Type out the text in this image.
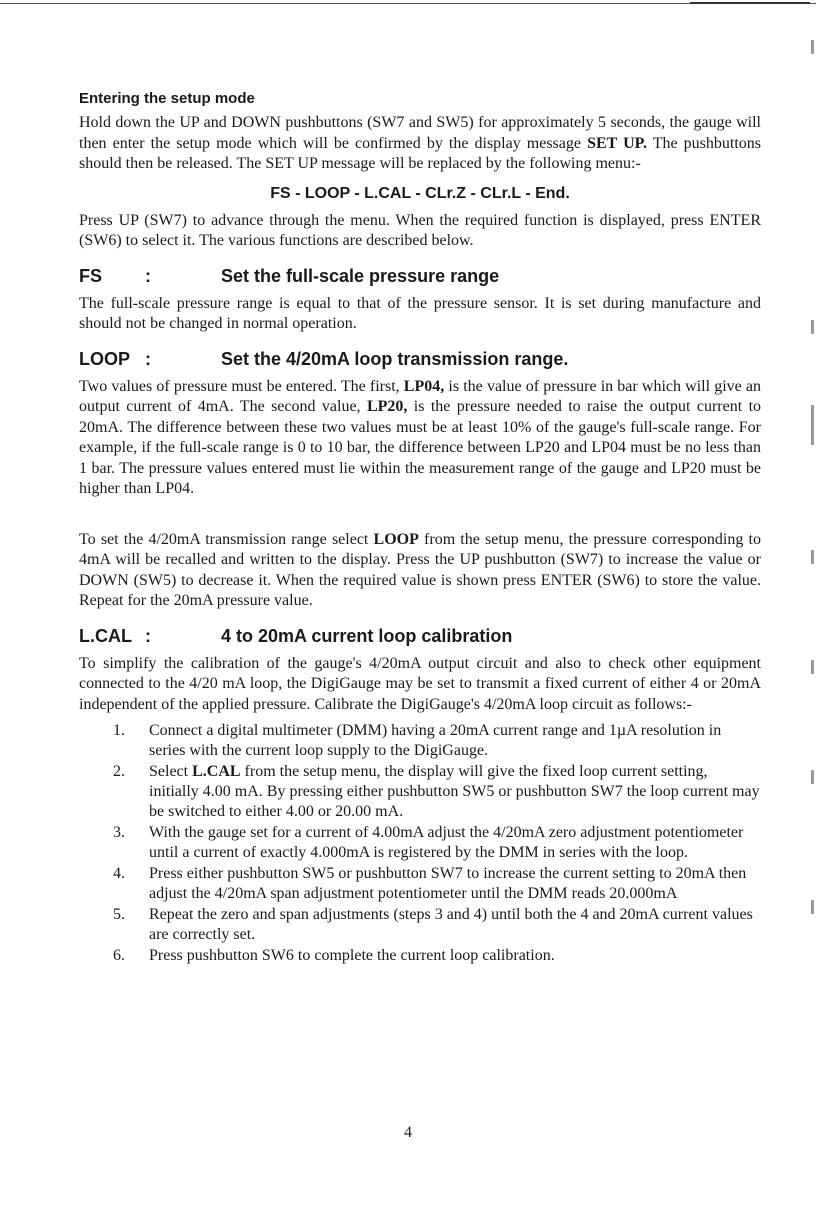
Entering the setup mode

Hold down the UP and DOWN pushbuttons (SW7 and SW5) for approximately 5 seconds, the gauge will then enter the setup mode which will be confirmed by the display message SET UP. The pushbuttons should then be released. The SET UP message will be replaced by the following menu:-

FS - LOOP - L.CAL - CLr.Z - CLr.L - End.

Press UP (SW7) to advance through the menu. When the required function is displayed, press ENTER (SW6) to select it. The various functions are described below.

FS	:	Set the full-scale pressure range

The full-scale pressure range is equal to that of the pressure sensor. It is set during manufacture and should not be changed in normal operation.

LOOP :	Set the 4/20mA loop transmission range.

Two values of pressure must be entered. The first, LP04, is the value of pressure in bar which will give an output current of 4mA. The second value, LP20, is the pressure needed to raise the output current to 20mA. The difference between these two values must be at least 10% of the gauge's full-scale range. For example, if the full-scale range is 0 to 10 bar, the difference between LP20 and LP04 must be no less than 1 bar. The pressure values entered must lie within the measurement range of the gauge and LP20 must be higher than LP04.

To set the 4/20mA transmission range select LOOP from the setup menu, the pressure corresponding to 4mA will be recalled and written to the display. Press the UP pushbutton (SW7) to increase the value or DOWN (SW5) to decrease it. When the required value is shown press ENTER (SW6) to store the value. Repeat for the 20mA pressure value.

L.CAL :	4 to 20mA current loop calibration

To simplify the calibration of the gauge's 4/20mA output circuit and also to check other equipment connected to the 4/20 mA loop, the DigiGauge may be set to transmit a fixed current of either 4 or 20mA independent of the applied pressure. Calibrate the DigiGauge's 4/20mA loop circuit as follows:-

1.	Connect a digital multimeter (DMM) having a 20mA current range and 1µA resolution in series with the current loop supply to the DigiGauge.
2.	Select L.CAL from the setup menu, the display will give the fixed loop current setting, initially 4.00 mA. By pressing either pushbutton SW5 or pushbutton SW7 the loop current may be switched to either 4.00 or 20.00 mA.
3.	With the gauge set for a current of 4.00mA adjust the 4/20mA zero adjustment potentiometer until a current of exactly 4.000mA is registered by the DMM in series with the loop.
4.	Press either pushbutton SW5 or pushbutton SW7 to increase the current setting to 20mA then adjust the 4/20mA span adjustment potentiometer until the DMM reads 20.000mA
5.	Repeat the zero and span adjustments (steps 3 and 4) until both the 4 and 20mA current values are correctly set.
6.	Press pushbutton SW6 to complete the current loop calibration.
4
